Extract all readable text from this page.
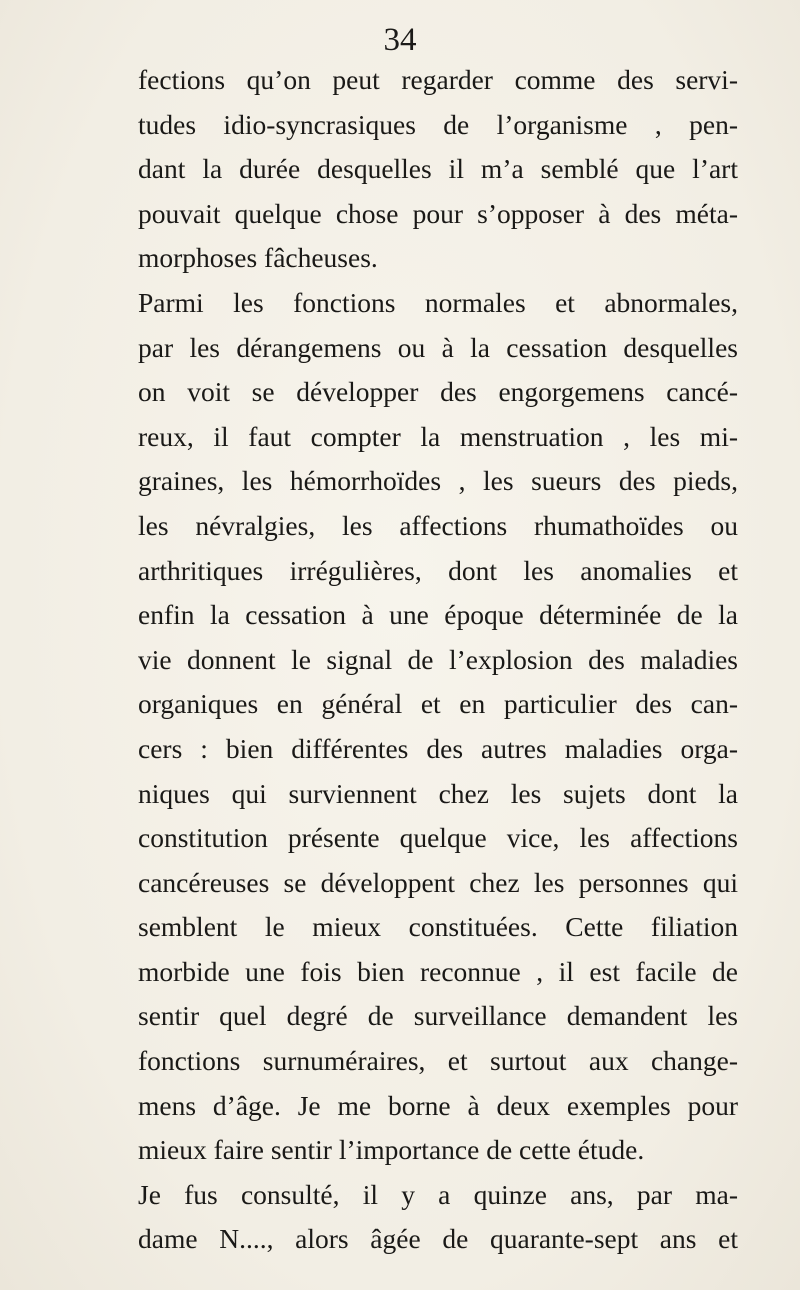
34
fections qu’on peut regarder comme des servi-
tudes idio-syncrasiques de l’organisme , pen-
dant la durée desquelles il m’a semblé que l’art
pouvait quelque chose pour s’opposer à des méta-
morphoses fâcheuses.
Parmi les fonctions normales et abnormales,
par les dérangemens ou à la cessation desquelles
on voit se développer des engorgemens cancé-
reux, il faut compter la menstruation , les mi-
graines, les hémorrhoïdes , les sueurs des pieds,
les névralgies, les affections rhumathoïdes ou
arthritiques irrégulières, dont les anomalies et
enfin la cessation à une époque déterminée de la
vie donnent le signal de l’explosion des maladies
organiques en général et en particulier des can-
cers : bien différentes des autres maladies orga-
niques qui surviennent chez les sujets dont la
constitution présente quelque vice, les affections
cancéreuses se développent chez les personnes qui
semblent le mieux constituées. Cette filiation
morbide une fois bien reconnue , il est facile de
sentir quel degré de surveillance demandent les
fonctions surnuméraires, et surtout aux change-
mens d’âge. Je me borne à deux exemples pour
mieux faire sentir l’importance de cette étude.
Je fus consulté, il y a quinze ans, par ma-
dame N...., alors âgée de quarante-sept ans et
